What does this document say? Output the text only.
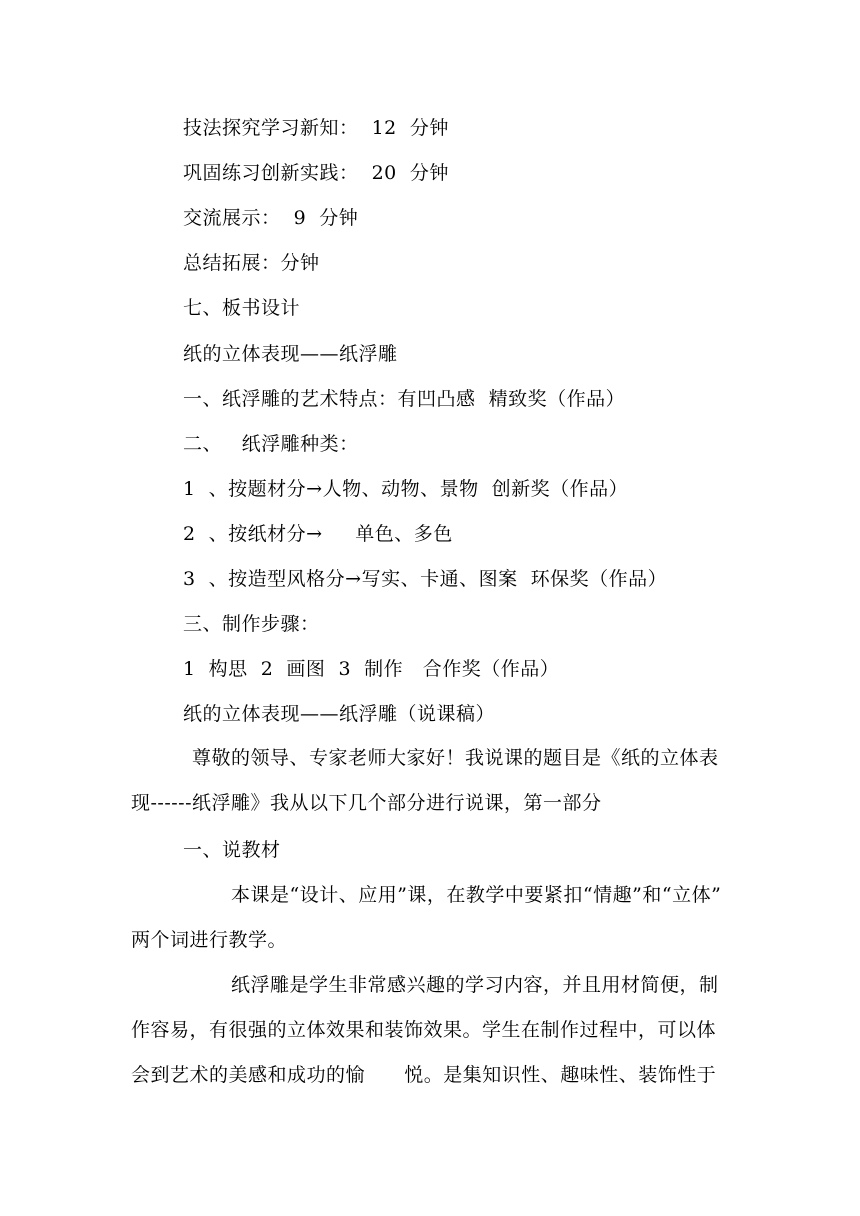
技法探究学习新知：  12  分钟
巩固练习创新实践：  20  分钟
交流展示：  9  分钟
总结拓展：分钟
七、板书设计
纸的立体表现——纸浮雕
一、纸浮雕的艺术特点：有凹凸感  精致奖（作品）
二、   纸浮雕种类：
1  、按题材分→人物、动物、景物  创新奖（作品）
2  、按纸材分→     单色、多色
3  、按造型风格分→写实、卡通、图案  环保奖（作品）
三、制作步骤：
1  构思  2  画图  3  制作   合作奖（作品）
纸的立体表现——纸浮雕（说课稿）
尊敬的领导、专家老师大家好！我说课的题目是《纸的立体表
现------纸浮雕》我从以下几个部分进行说课，第一部分
一、说教材
本课是“设计、应用”课，在教学中要紧扣“情趣”和“立体”
两个词进行教学。
纸浮雕是学生非常感兴趣的学习内容，并且用材简便，制
作容易，有很强的立体效果和装饰效果。学生在制作过程中，可以体
会到艺术的美感和成功的愉      悦。是集知识性、趣味性、装饰性于
